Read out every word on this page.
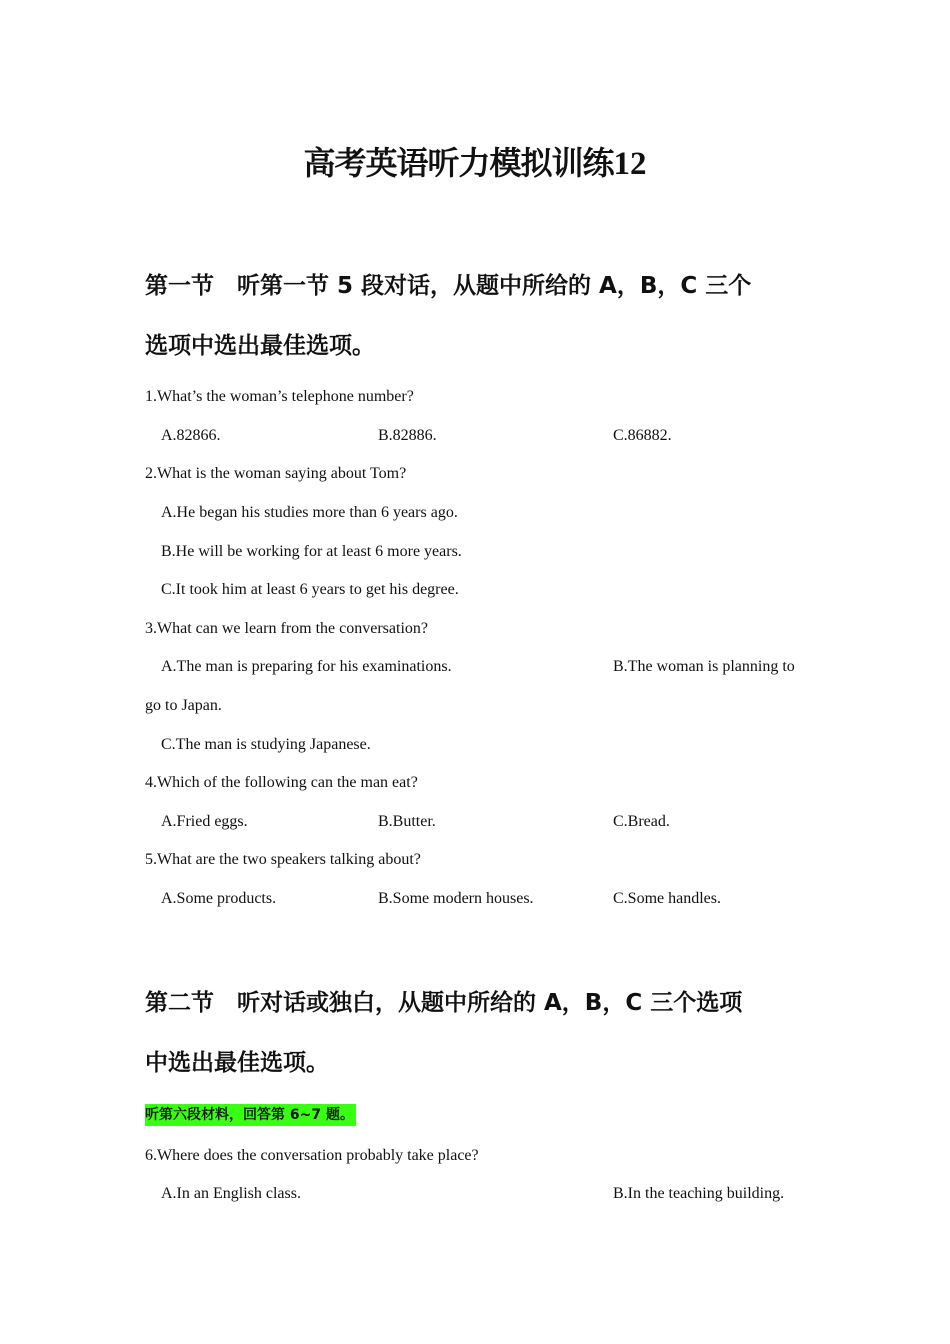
高考英语听力模拟训练12
第一节　听第一节 5 段对话，从题中所给的 A，B，C 三个
选项中选出最佳选项。

1.What’s the woman’s telephone number?

A.82866.	B.82886.	C.86882.

2.What is the woman saying about Tom?

A.He began his studies more than 6 years ago.

B.He will be working for at least 6 more years.

C.It took him at least 6 years to get his degree.

3.What can we learn from the conversation?

A.The man is preparing for his examinations.	B.The woman is planning to

go to Japan.

C.The man is studying Japanese.

4.Which of the following can the man eat?

A.Fried eggs.	B.Butter.	C.Bread.

5.What are the two speakers talking about?

A.Some products.	B.Some modern houses.	C.Some handles.

第二节　听对话或独白，从题中所给的 A，B，C 三个选项
中选出最佳选项。
听第六段材料，回答第 6~7 题。

6.Where does the conversation probably take place?

A.In an English class.	B.In the teaching building.
